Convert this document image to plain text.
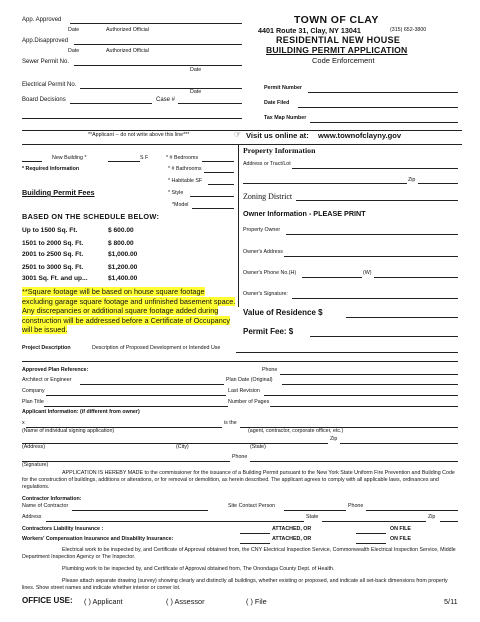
App. Approved
Date	Authorized Official
App.Disapproved
Date	Authorized Official
Sewer Permit No.
Date
Electrical Permit No.
Date
Board Decisions	Case #
TOWN OF CLAY
4401 Route 31, Clay, NY 13041	(315) 652-3800
RESIDENTIAL NEW HOUSE
BUILDING PERMIT APPLICATION
Code Enforcement
Permit Number
Date Filed
Tax Map Number
**Applicant -- do not write above this line***	☞ Visit us online at: www.townofclayny.gov
New Building *	S F	* # Bedrooms
* Required Information	* # Bathrooms
* Habitable SF
Building Permit Fees	* Style
*Model
BASED ON THE SCHEDULE BELOW:
Up to 1500 Sq. Ft.	$ 600.00
1501 to 2000 Sq. Ft.	$ 800.00
2001 to 2500 Sq. Ft.	$1,000.00
2501 to 3000 Sq. Ft.	$1,200.00
3001 Sq. Ft. and up...	$1,400.00
**Square footage will be based on house square footage excluding garage square footage and unfinished basement space. Any discrepancies or additional square footage added during construction will be addressed before a Certificate of Occupancy will be issued.
Property Information
Address or Tract/Lot
Zip
Zoning District
Owner Information - PLEASE PRINT
Property Owner
Owner's Address
Owner's Phone No.(H)	(W)
Owner's Signature:
Value of Residence $
Permit Fee: $
Project Description	Description of Proposed Development or Intended Use
Approved Plan Reference:	Phone
Architect or Engineer	Plan Date (Original)
Company	Last Revision
Plan Title	Number of Pages
Applicant Information: (if different from owner)
x	is the
(Name of individual signing application)	(agent, contractor, corporate officer, etc.)
Zip
(Address)	(City)	(State)
Phone
(Signature)
APPLICATION IS HEREBY MADE to the commissioner for the issuance of a Building Permit pursuant to the New York State Uniform Fire Prevention and Building Code for the construction of buildings, additions or alterations, or for removal or demolition, as herein described. The applicant agrees to comply with all applicable laws, ordinances and regulations.
Contractor Information:
Name of Contractor	Site Contact Person	Phone
Address	State	Zip
Contractors Liability Insurance :	ATTACHED, OR	ON FILE
Workers' Compensation Insurance and Disability Insurance:	ATTACHED, OR	ON FILE
Electrical work to be inspected by, and Certificate of Approval obtained from, the CNY Electrical Inspection Service, Commonwealth Electrical Inspection Service, Middle Department Inspection Agency or The Inspector.
Plumbing work to be inspected by, and Certificate of Approval obtained from, The Onondaga County Dept. of Health.
Please attach separate drawing (survey) showing clearly and distinctly all buildings, whether existing or proposed, and indicate all set-back dimensions from property lines. Show street names and indicate whether interior or corner lot.
OFFICE USE: ( ) Applicant	( ) Assessor	( ) File	5/11
